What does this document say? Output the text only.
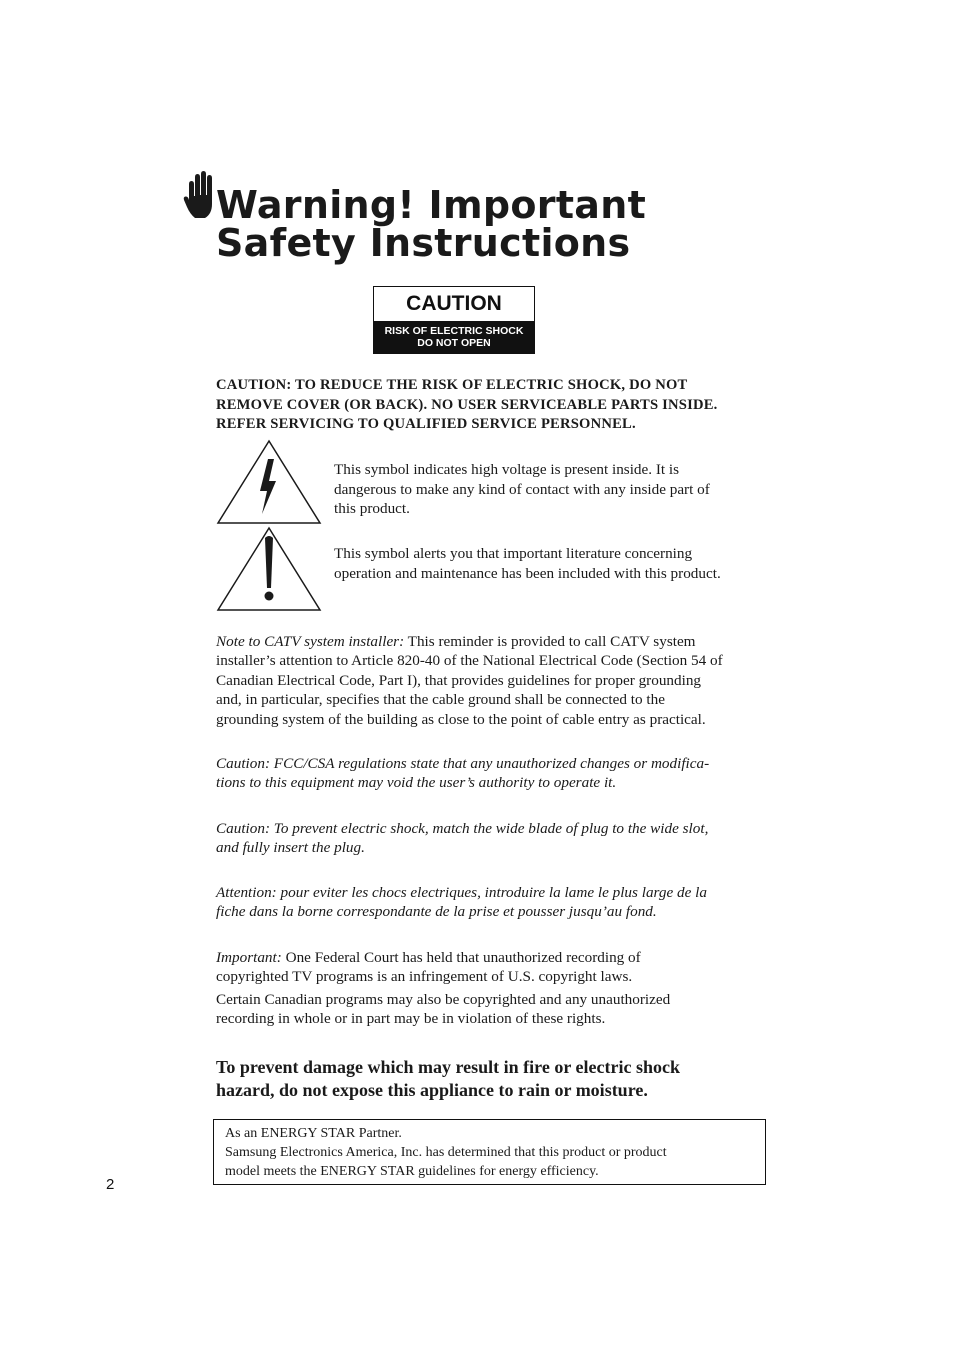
Warning! Important
Safety Instructions
CAUTION
RISK OF ELECTRIC SHOCK
DO NOT OPEN

CAUTION: TO REDUCE THE RISK OF ELECTRIC SHOCK, DO NOT
REMOVE COVER (OR BACK). NO USER SERVICEABLE PARTS INSIDE.
REFER SERVICING TO QUALIFIED SERVICE PERSONNEL.

This symbol indicates high voltage is present inside. It is
dangerous to make any kind of contact with any inside part of
this product.

This symbol alerts you that important literature concerning
operation and maintenance has been included with this product.

Note to CATV system installer: This reminder is provided to call CATV system
installer’s attention to Article 820-40 of the National Electrical Code (Section 54 of
Canadian Electrical Code, Part I), that provides guidelines for proper grounding
and, in particular, specifies that the cable ground shall be connected to the
grounding system of the building as close to the point of cable entry as practical.

Caution: FCC/CSA regulations state that any unauthorized changes or modifica-
tions to this equipment may void the user’s authority to operate it.

Caution: To prevent electric shock, match the wide blade of plug to the wide slot,
and fully insert the plug.

Attention: pour eviter les chocs electriques, introduire la lame le plus large de la
fiche dans la borne correspondante de la prise et pousser jusqu’au fond.

Important: One Federal Court has held that unauthorized recording of
copyrighted TV programs is an infringement of U.S. copyright laws.

Certain Canadian programs may also be copyrighted and any unauthorized
recording in whole or in part may be in violation of these rights.

To prevent damage which may result in fire or electric shock
hazard, do not expose this appliance to rain or moisture.

As an ENERGY STAR Partner.
Samsung Electronics America, Inc. has determined that this product or product
model meets the ENERGY STAR guidelines for energy efficiency.
2
